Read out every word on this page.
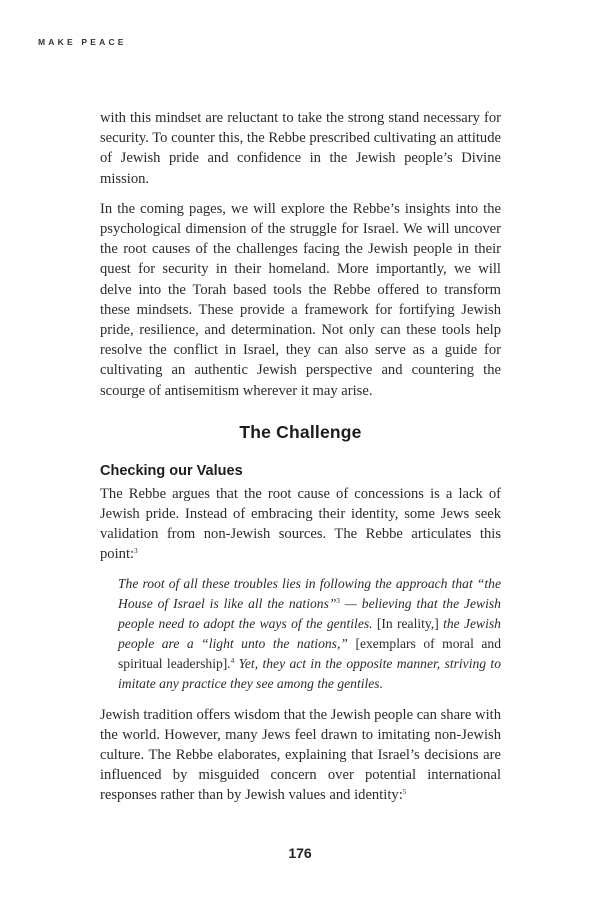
MAKE PEACE

with this mindset are reluctant to take the strong stand necessary for security. To counter this, the Rebbe prescribed cultivating an attitude of Jewish pride and confidence in the Jewish people’s Divine mission.

In the coming pages, we will explore the Rebbe’s insights into the psychological dimension of the struggle for Israel. We will uncover the root causes of the challenges facing the Jewish people in their quest for security in their homeland. More importantly, we will delve into the Torah based tools the Rebbe offered to transform these mindsets. These provide a framework for fortifying Jewish pride, resilience, and determination. Not only can these tools help resolve the conflict in Israel, they can also serve as a guide for cultivating an authentic Jewish perspective and countering the scourge of antisemitism wherever it may arise.

The Challenge
Checking our Values

The Rebbe argues that the root cause of concessions is a lack of Jewish pride. Instead of embracing their identity, some Jews seek validation from non-Jewish sources. The Rebbe articulates this point:$^3$

The root of all these troubles lies in following the approach that “the House of Israel is like all the nations”$^3$ — believing that the Jewish people need to adopt the ways of the gentiles. [In reality,] the Jewish people are a “light unto the nations,” [exemplars of moral and spiritual leadership].$^4$ Yet, they act in the opposite manner, striving to imitate any practice they see among the gentiles.

Jewish tradition offers wisdom that the Jewish people can share with the world. However, many Jews feel drawn to imitating non-Jewish culture. The Rebbe elaborates, explaining that Israel’s decisions are influenced by misguided concern over potential international responses rather than by Jewish values and identity:$^5$

176
